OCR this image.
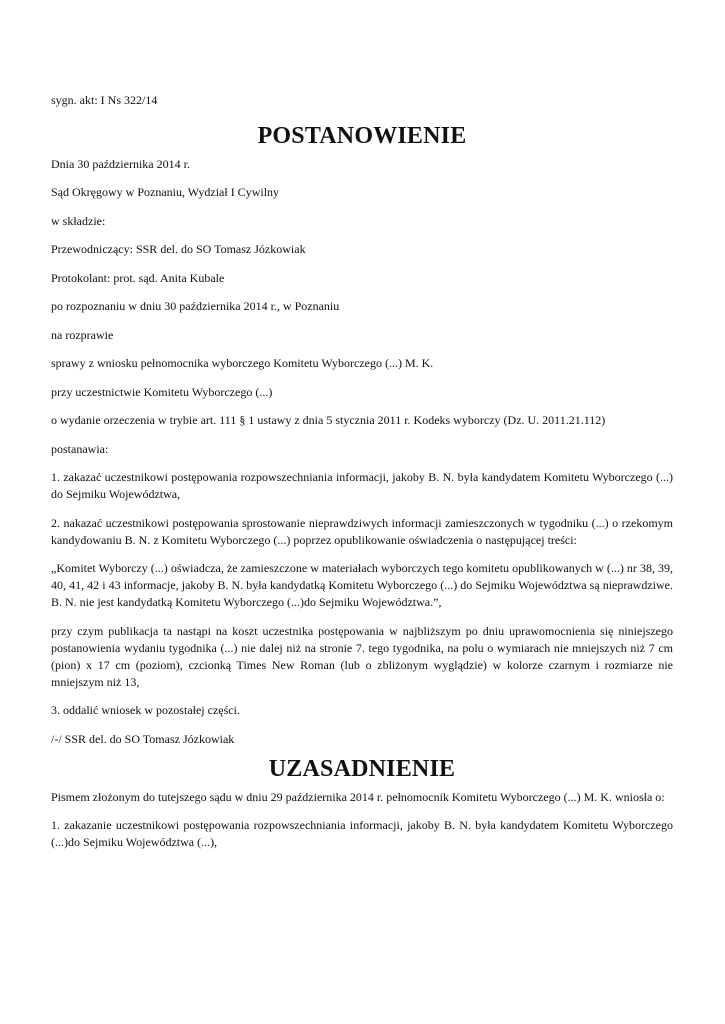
sygn. akt: I Ns 322/14

POSTANOWIENIE

Dnia 30 października 2014 r.

Sąd Okręgowy w Poznaniu, Wydział I Cywilny

w składzie:

Przewodniczący: SSR del. do SO Tomasz Józkowiak

Protokolant: prot. sąd. Anita Kubale

po rozpoznaniu w dniu 30 października 2014 r., w Poznaniu

na rozprawie

sprawy z wniosku pełnomocnika wyborczego Komitetu Wyborczego (...) M. K.

przy uczestnictwie Komitetu Wyborczego (...)

o wydanie orzeczenia w trybie art. 111 § 1 ustawy z dnia 5 stycznia 2011 r. Kodeks wyborczy (Dz. U. 2011.21.112)

postanawia:

1. zakazać uczestnikowi postępowania rozpowszechniania informacji, jakoby B. N. była kandydatem Komitetu Wyborczego (...) do Sejmiku Województwa,

2. nakazać uczestnikowi postępowania sprostowanie nieprawdziwych informacji zamieszczonych w tygodniku (...) o rzekomym kandydowaniu B. N. z Komitetu Wyborczego (...) poprzez opublikowanie oświadczenia o następującej treści:

„Komitet Wyborczy (...) oświadcza, że zamieszczone w materiałach wyborczych tego komitetu opublikowanych w (...) nr 38, 39, 40, 41, 42 i 43 informacje, jakoby B. N. była kandydatką Komitetu Wyborczego (...) do Sejmiku Województwa są nieprawdziwe. B. N. nie jest kandydatką Komitetu Wyborczego (...)do Sejmiku Województwa.”,

przy czym publikacja ta nastąpi na koszt uczestnika postępowania w najbliższym po dniu uprawomocnienia się niniejszego postanowienia wydaniu tygodnika (...) nie dalej niż na stronie 7. tego tygodnika, na polu o wymiarach nie mniejszych niż 7 cm (pion) x 17 cm (poziom), czcionką Times New Roman (lub o zbliżonym wyglądzie) w kolorze czarnym i rozmiarze nie mniejszym niż 13,

3. oddalić wniosek w pozostałej części.

/-/ SSR del. do SO Tomasz Józkowiak

UZASADNIENIE

Pismem złożonym do tutejszego sądu w dniu 29 października 2014 r. pełnomocnik Komitetu Wyborczego (...) M. K. wniosła o:

1. zakazanie uczestnikowi postępowania rozpowszechniania informacji, jakoby B. N. była kandydatem Komitetu Wyborczego (...)do Sejmiku Województwa (...),
